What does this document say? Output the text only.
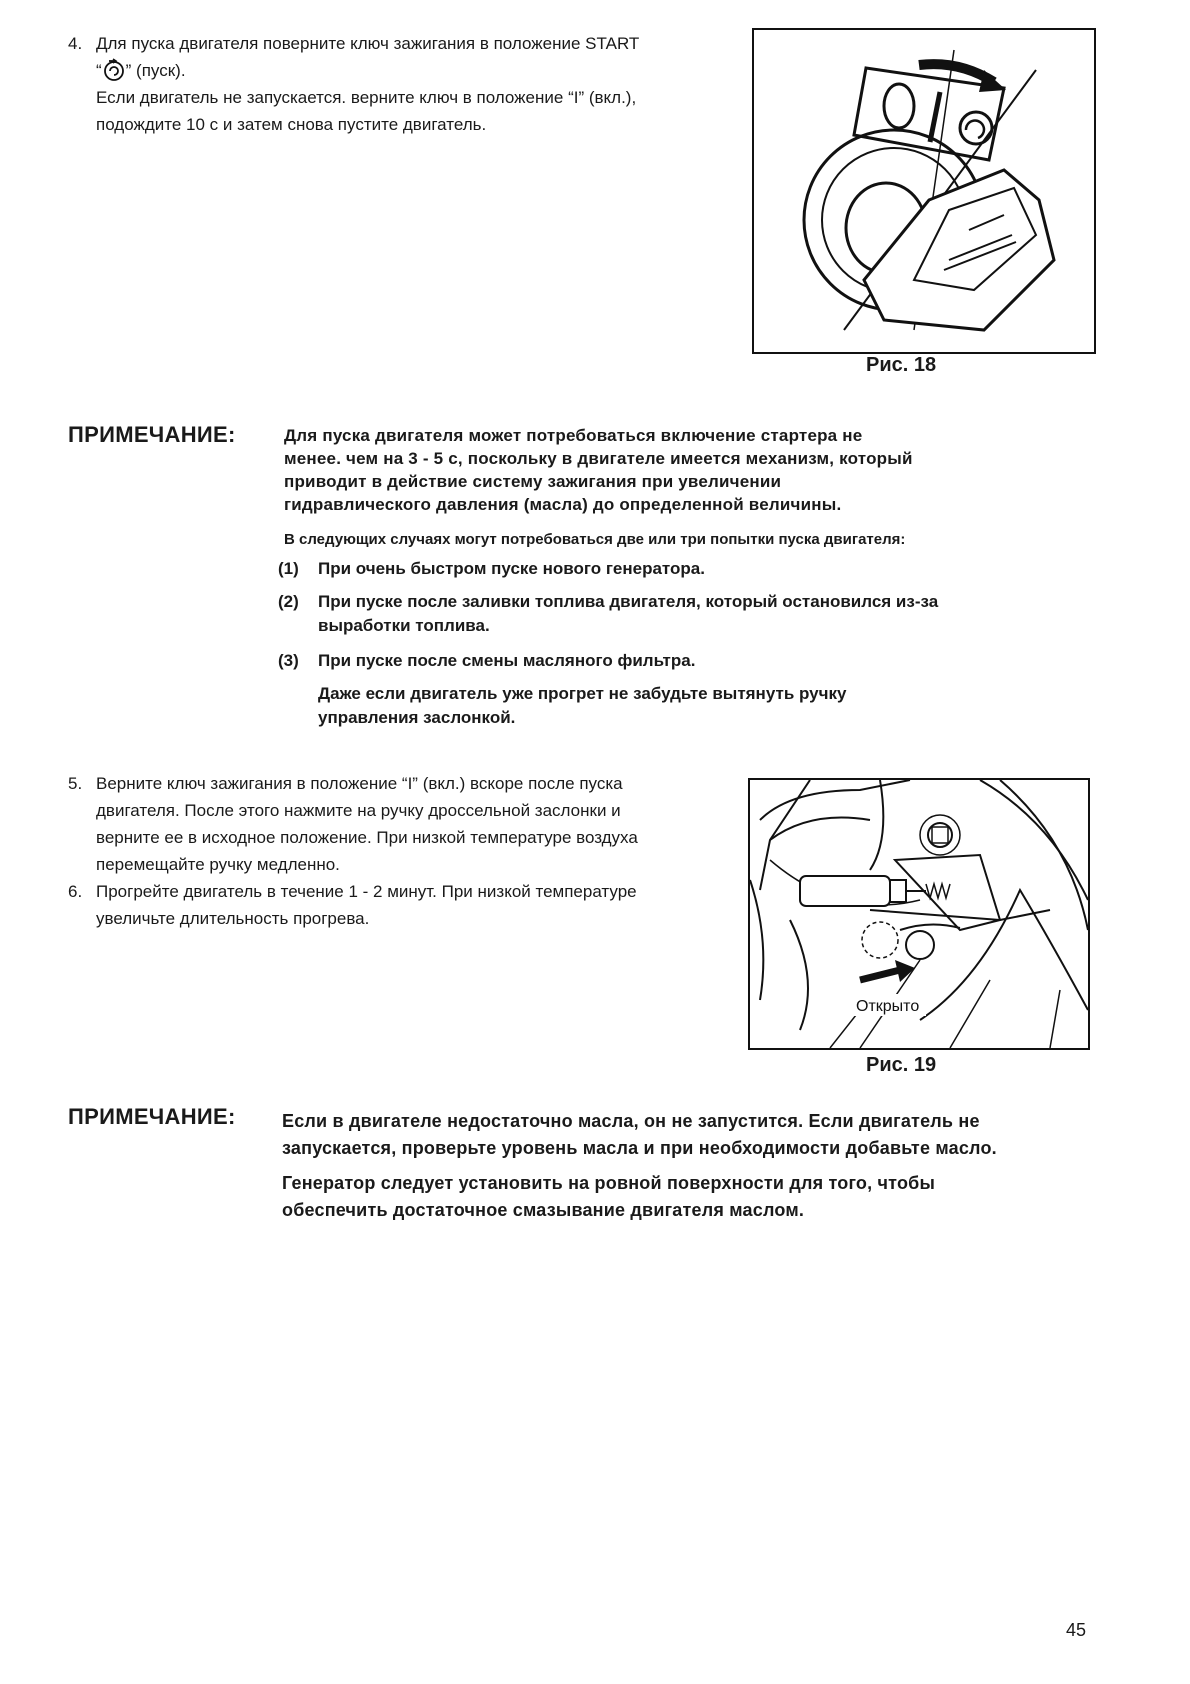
4. Для пуска двигателя поверните ключ зажигания в положение START
“ ” (пуск).
Если двигатель не запускается. верните ключ в положение “I” (вкл.),
подождите 10 с и затем снова пустите двигатель.
Рис. 18
ПРИМЕЧАНИЕ:	Для пуска двигателя может потребоваться включение стартера не
менее. чем на 3 - 5 с, поскольку в двигателе имеется механизм, который
приводит в действие систему зажигания при увеличении
гидравлического давления (масла) до определенной величины.
В следующих случаях могут потребоваться две или три попытки пуска двигателя:
(1) При очень быстром пуске нового генератора.
(2) При пуске после заливки топлива двигателя, который остановился из-за
выработки топлива.
(3) При пуске после смены масляного фильтра.
Даже если двигатель уже прогрет не забудьте вытянуть ручку
управления заслонкой.
5. Верните ключ зажигания в положение “I” (вкл.) вскоре после пуска
двигателя. После этого нажмите на ручку дроссельной заслонки и
верните ее в исходное положение. При низкой температуре воздуха
перемещайте ручку медленно.
6. Прогрейте двигатель в течение 1 - 2 минут. При низкой температуре
увеличьте длительность прогрева.
Открыто
Рис. 19
ПРИМЕЧАНИЕ:	Если в двигателе недостаточно масла, он не запустится. Если двигатель не
запускается, проверьте уровень масла и при необходимости добавьте масло.
Генератор следует установить на ровной поверхности для того, чтобы
обеспечить достаточное смазывание двигателя маслом.
45
